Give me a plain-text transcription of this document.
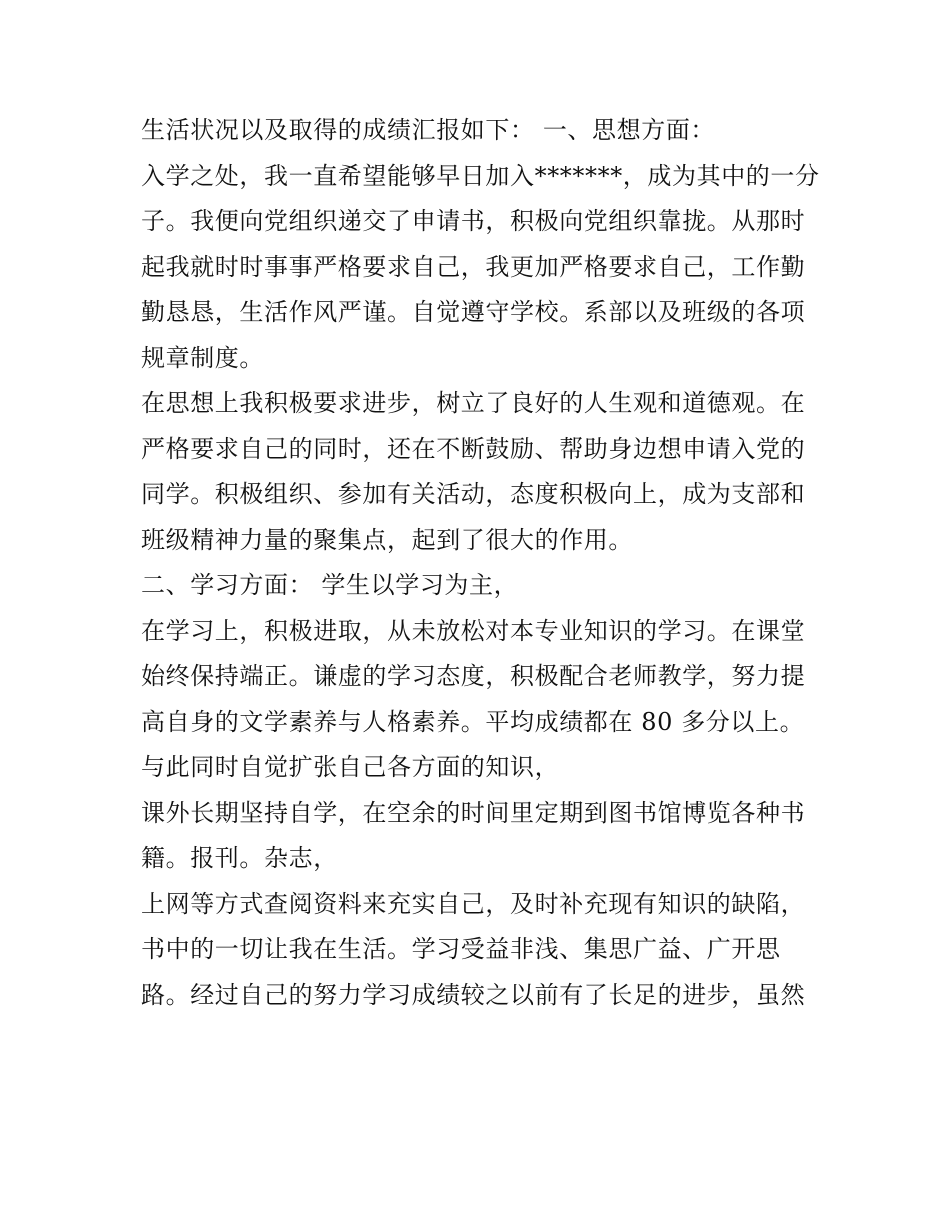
生活状况以及取得的成绩汇报如下： 一、思想方面：
入学之处，我一直希望能够早日加入*******，成为其中的一分
子。我便向党组织递交了申请书，积极向党组织靠拢。从那时
起我就时时事事严格要求自己，我更加严格要求自己，工作勤
勤恳恳，生活作风严谨。自觉遵守学校。系部以及班级的各项
规章制度。
在思想上我积极要求进步，树立了良好的人生观和道德观。在
严格要求自己的同时，还在不断鼓励、帮助身边想申请入党的
同学。积极组织、参加有关活动，态度积极向上，成为支部和
班级精神力量的聚集点，起到了很大的作用。
二、学习方面： 学生以学习为主，
在学习上，积极进取，从未放松对本专业知识的学习。在课堂
始终保持端正。谦虚的学习态度，积极配合老师教学，努力提
高自身的文学素养与人格素养。平均成绩都在 80 多分以上。
与此同时自觉扩张自己各方面的知识，
课外长期坚持自学，在空余的时间里定期到图书馆博览各种书
籍。报刊。杂志，
上网等方式查阅资料来充实自己，及时补充现有知识的缺陷，
书中的一切让我在生活。学习受益非浅、集思广益、广开思
路。经过自己的努力学习成绩较之以前有了长足的进步，虽然
